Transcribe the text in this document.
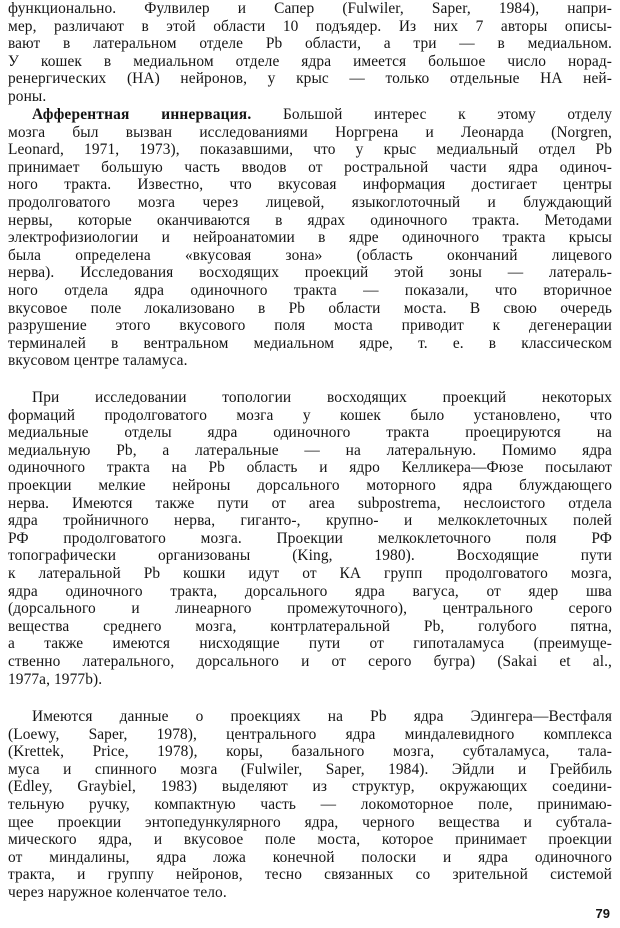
функционально. Фулвилер и Сапер (Fulwiler, Saper, 1984), напри-
мер, различают в этой области 10 подъядер. Из них 7 авторы описы-
вают в латеральном отделе Pb области, а три — в медиальном.
У кошек в медиальном отделе ядра имеется большое число норад-
ренергических (НА) нейронов, у крыс — только отдельные НА ней-
роны.
Афферентная иннервация. Большой интерес к этому отделу
мозга был вызван исследованиями Норгрена и Леонарда (Norgren,
Leonard, 1971, 1973), показавшими, что у крыс медиальный отдел Pb
принимает большую часть вводов от ростральной части ядра одиноч-
ного тракта. Известно, что вкусовая информация достигает центры
продолговатого мозга через лицевой, языкоглоточный и блуждающий
нервы, которые оканчиваются в ядрах одиночного тракта. Методами
электрофизиологии и нейроанатомии в ядре одиночного тракта крысы
была определена «вкусовая зона» (область окончаний лицевого
нерва). Исследования восходящих проекций этой зоны — латераль-
ного отдела ядра одиночного тракта — показали, что вторичное
вкусовое поле локализовано в Pb области моста. В свою очередь
разрушение этого вкусового поля моста приводит к дегенерации
терминалей в вентральном медиальном ядре, т. е. в классическом
вкусовом центре таламуса.
При исследовании топологии восходящих проекций некоторых
формаций продолговатого мозга у кошек было установлено, что
медиальные отделы ядра одиночного тракта проецируются на
медиальную Pb, а латеральные — на латеральную. Помимо ядра
одиночного тракта на Pb область и ядро Келликера—Фюзе посылают
проекции мелкие нейроны дорсального моторного ядра блуждающего
нерва. Имеются также пути от area subpostrema, неслоистого отдела
ядра тройничного нерва, гиганто-, крупно- и мелкоклеточных полей
РФ продолговатого мозга. Проекции мелкоклеточного поля РФ
топографически организованы (King, 1980). Восходящие пути
к латеральной Pb кошки идут от КА групп продолговатого мозга,
ядра одиночного тракта, дорсального ядра вагуса, от ядер шва
(дорсального и линеарного промежуточного), центрального серого
вещества среднего мозга, контрлатеральной Pb, голубого пятна,
а также имеются нисходящие пути от гипоталамуса (преимуще-
ственно латерального, дорсального и от серого бугра) (Sakai et al.,
1977a, 1977b).
Имеются данные о проекциях на Pb ядра Эдингера—Вестфаля
(Loewy, Saper, 1978), центрального ядра миндалевидного комплекса
(Krettek, Price, 1978), коры, базального мозга, субталамуса, тала-
муса и спинного мозга (Fulwiler, Saper, 1984). Эйдли и Грейбиль
(Edley, Graybiel, 1983) выделяют из структур, окружающих соедини-
тельную ручку, компактную часть — локомоторное поле, принимаю-
щее проекции энтопедункулярного ядра, черного вещества и субтала-
мического ядра, и вкусовое поле моста, которое принимает проекции
от миндалины, ядра ложа конечной полоски и ядра одиночного
тракта, и группу нейронов, тесно связанных со зрительной системой
через наружное коленчатое тело.
79
